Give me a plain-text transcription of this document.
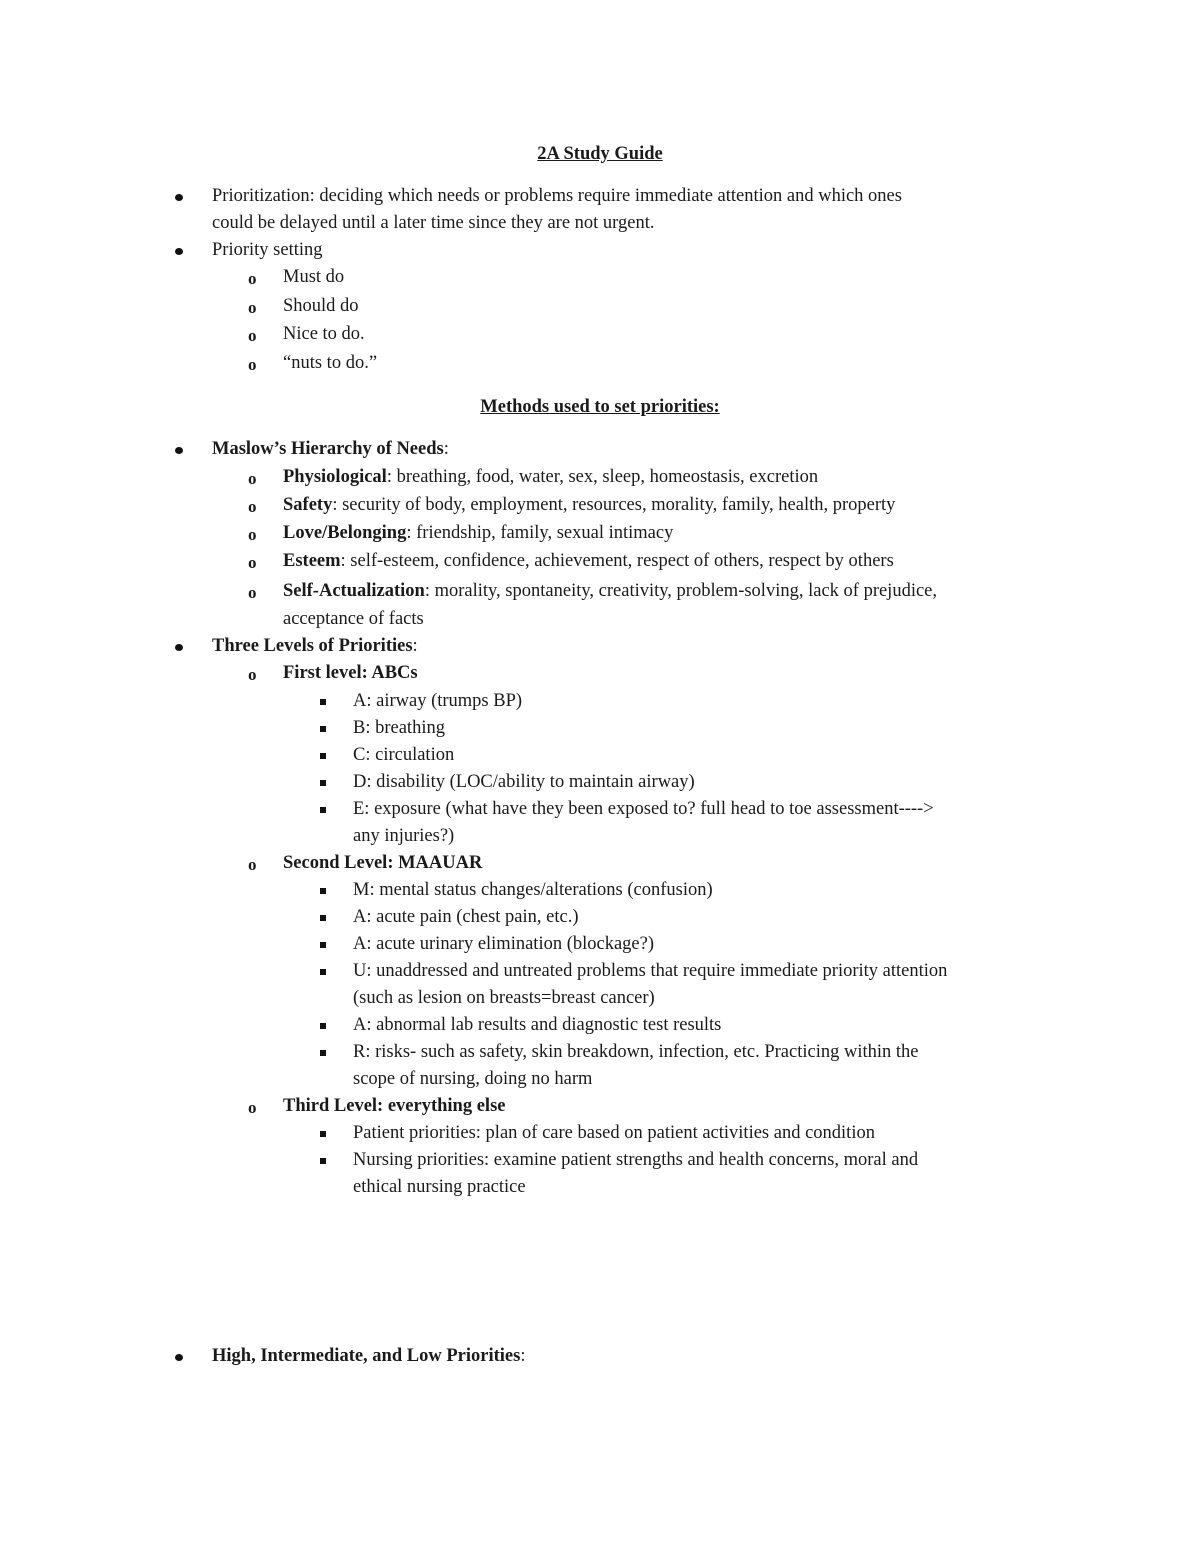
2A Study Guide
Prioritization: deciding which needs or problems require immediate attention and which ones
could be delayed until a later time since they are not urgent.
Priority setting
o Must do
o Should do
o Nice to do.
o “nuts to do.”
Methods used to set priorities:
Maslow’s Hierarchy of Needs:
o Physiological: breathing, food, water, sex, sleep, homeostasis, excretion
o Safety: security of body, employment, resources, morality, family, health, property
o Love/Belonging: friendship, family, sexual intimacy
o Esteem: self-esteem, confidence, achievement, respect of others, respect by others
o Self-Actualization: morality, spontaneity, creativity, problem-solving, lack of prejudice,
acceptance of facts
Three Levels of Priorities:
o First level: ABCs
A: airway (trumps BP)
B: breathing
C: circulation
D: disability (LOC/ability to maintain airway)
E: exposure (what have they been exposed to? full head to toe assessment---->
any injuries?)
o Second Level: MAAUAR
M: mental status changes/alterations (confusion)
A: acute pain (chest pain, etc.)
A: acute urinary elimination (blockage?)
U: unaddressed and untreated problems that require immediate priority attention
(such as lesion on breasts=breast cancer)
A: abnormal lab results and diagnostic test results
R: risks- such as safety, skin breakdown, infection, etc. Practicing within the
scope of nursing, doing no harm
o Third Level: everything else
Patient priorities: plan of care based on patient activities and condition
Nursing priorities: examine patient strengths and health concerns, moral and
ethical nursing practice
High, Intermediate, and Low Priorities:
